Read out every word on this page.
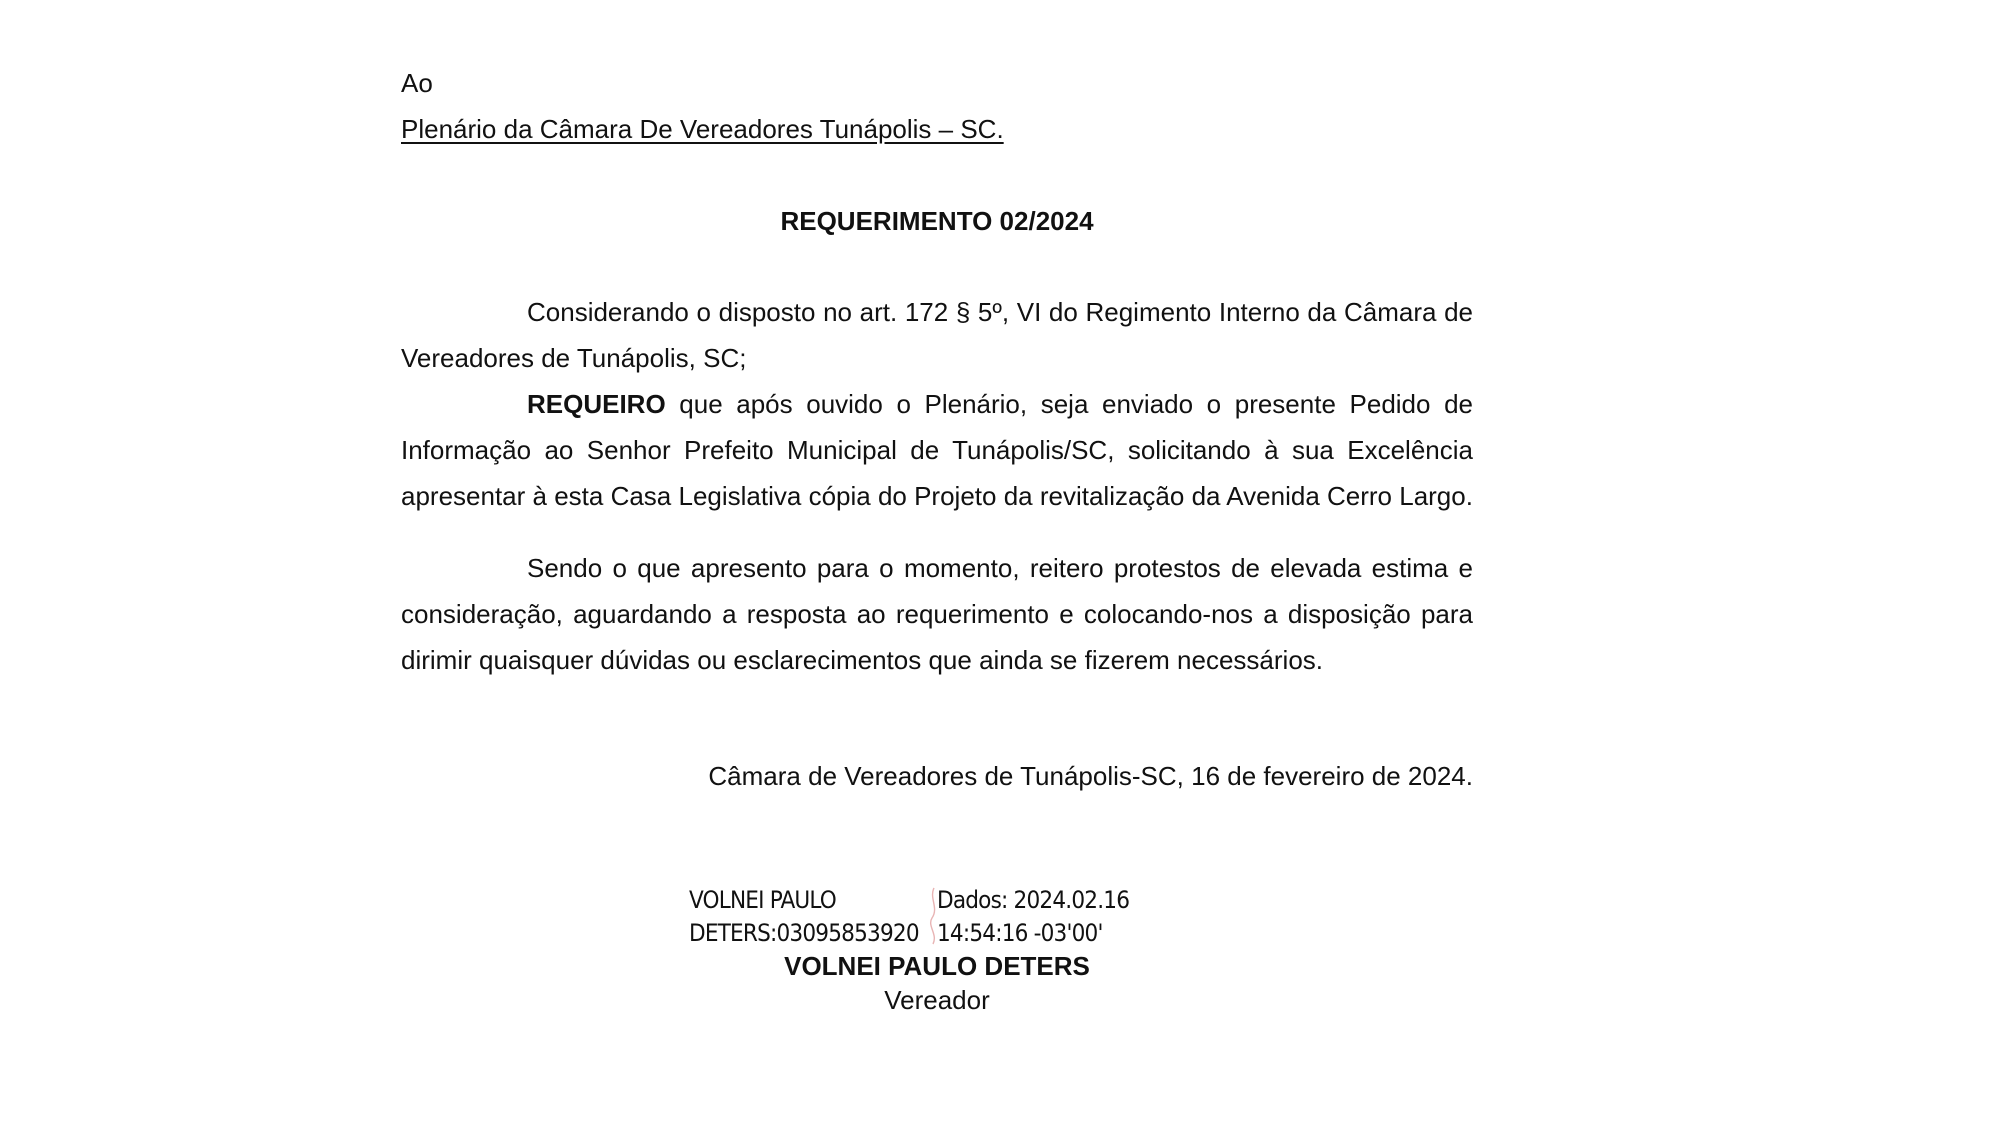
Ao
Plenário da Câmara De Vereadores Tunápolis – SC.
REQUERIMENTO 02/2024

Considerando o disposto no art. 172 § 5º, VI do Regimento Interno da Câmara de Vereadores de Tunápolis, SC;

REQUEIRO que após ouvido o Plenário, seja enviado o presente Pedido de Informação ao Senhor Prefeito Municipal de Tunápolis/SC, solicitando à sua Excelência apresentar à esta Casa Legislativa cópia do Projeto da revitalização da Avenida Cerro Largo.

Sendo o que apresento para o momento, reitero protestos de elevada estima e consideração, aguardando a resposta ao requerimento e colocando-nos a disposição para dirimir quaisquer dúvidas ou esclarecimentos que ainda se fizerem necessários.

Câmara de Vereadores de Tunápolis-SC, 16 de fevereiro de 2024.
VOLNEI PAULO
DETERS:03095853920
Dados: 2024.02.16
14:54:16 -03'00'
VOLNEI PAULO DETERS
Vereador
